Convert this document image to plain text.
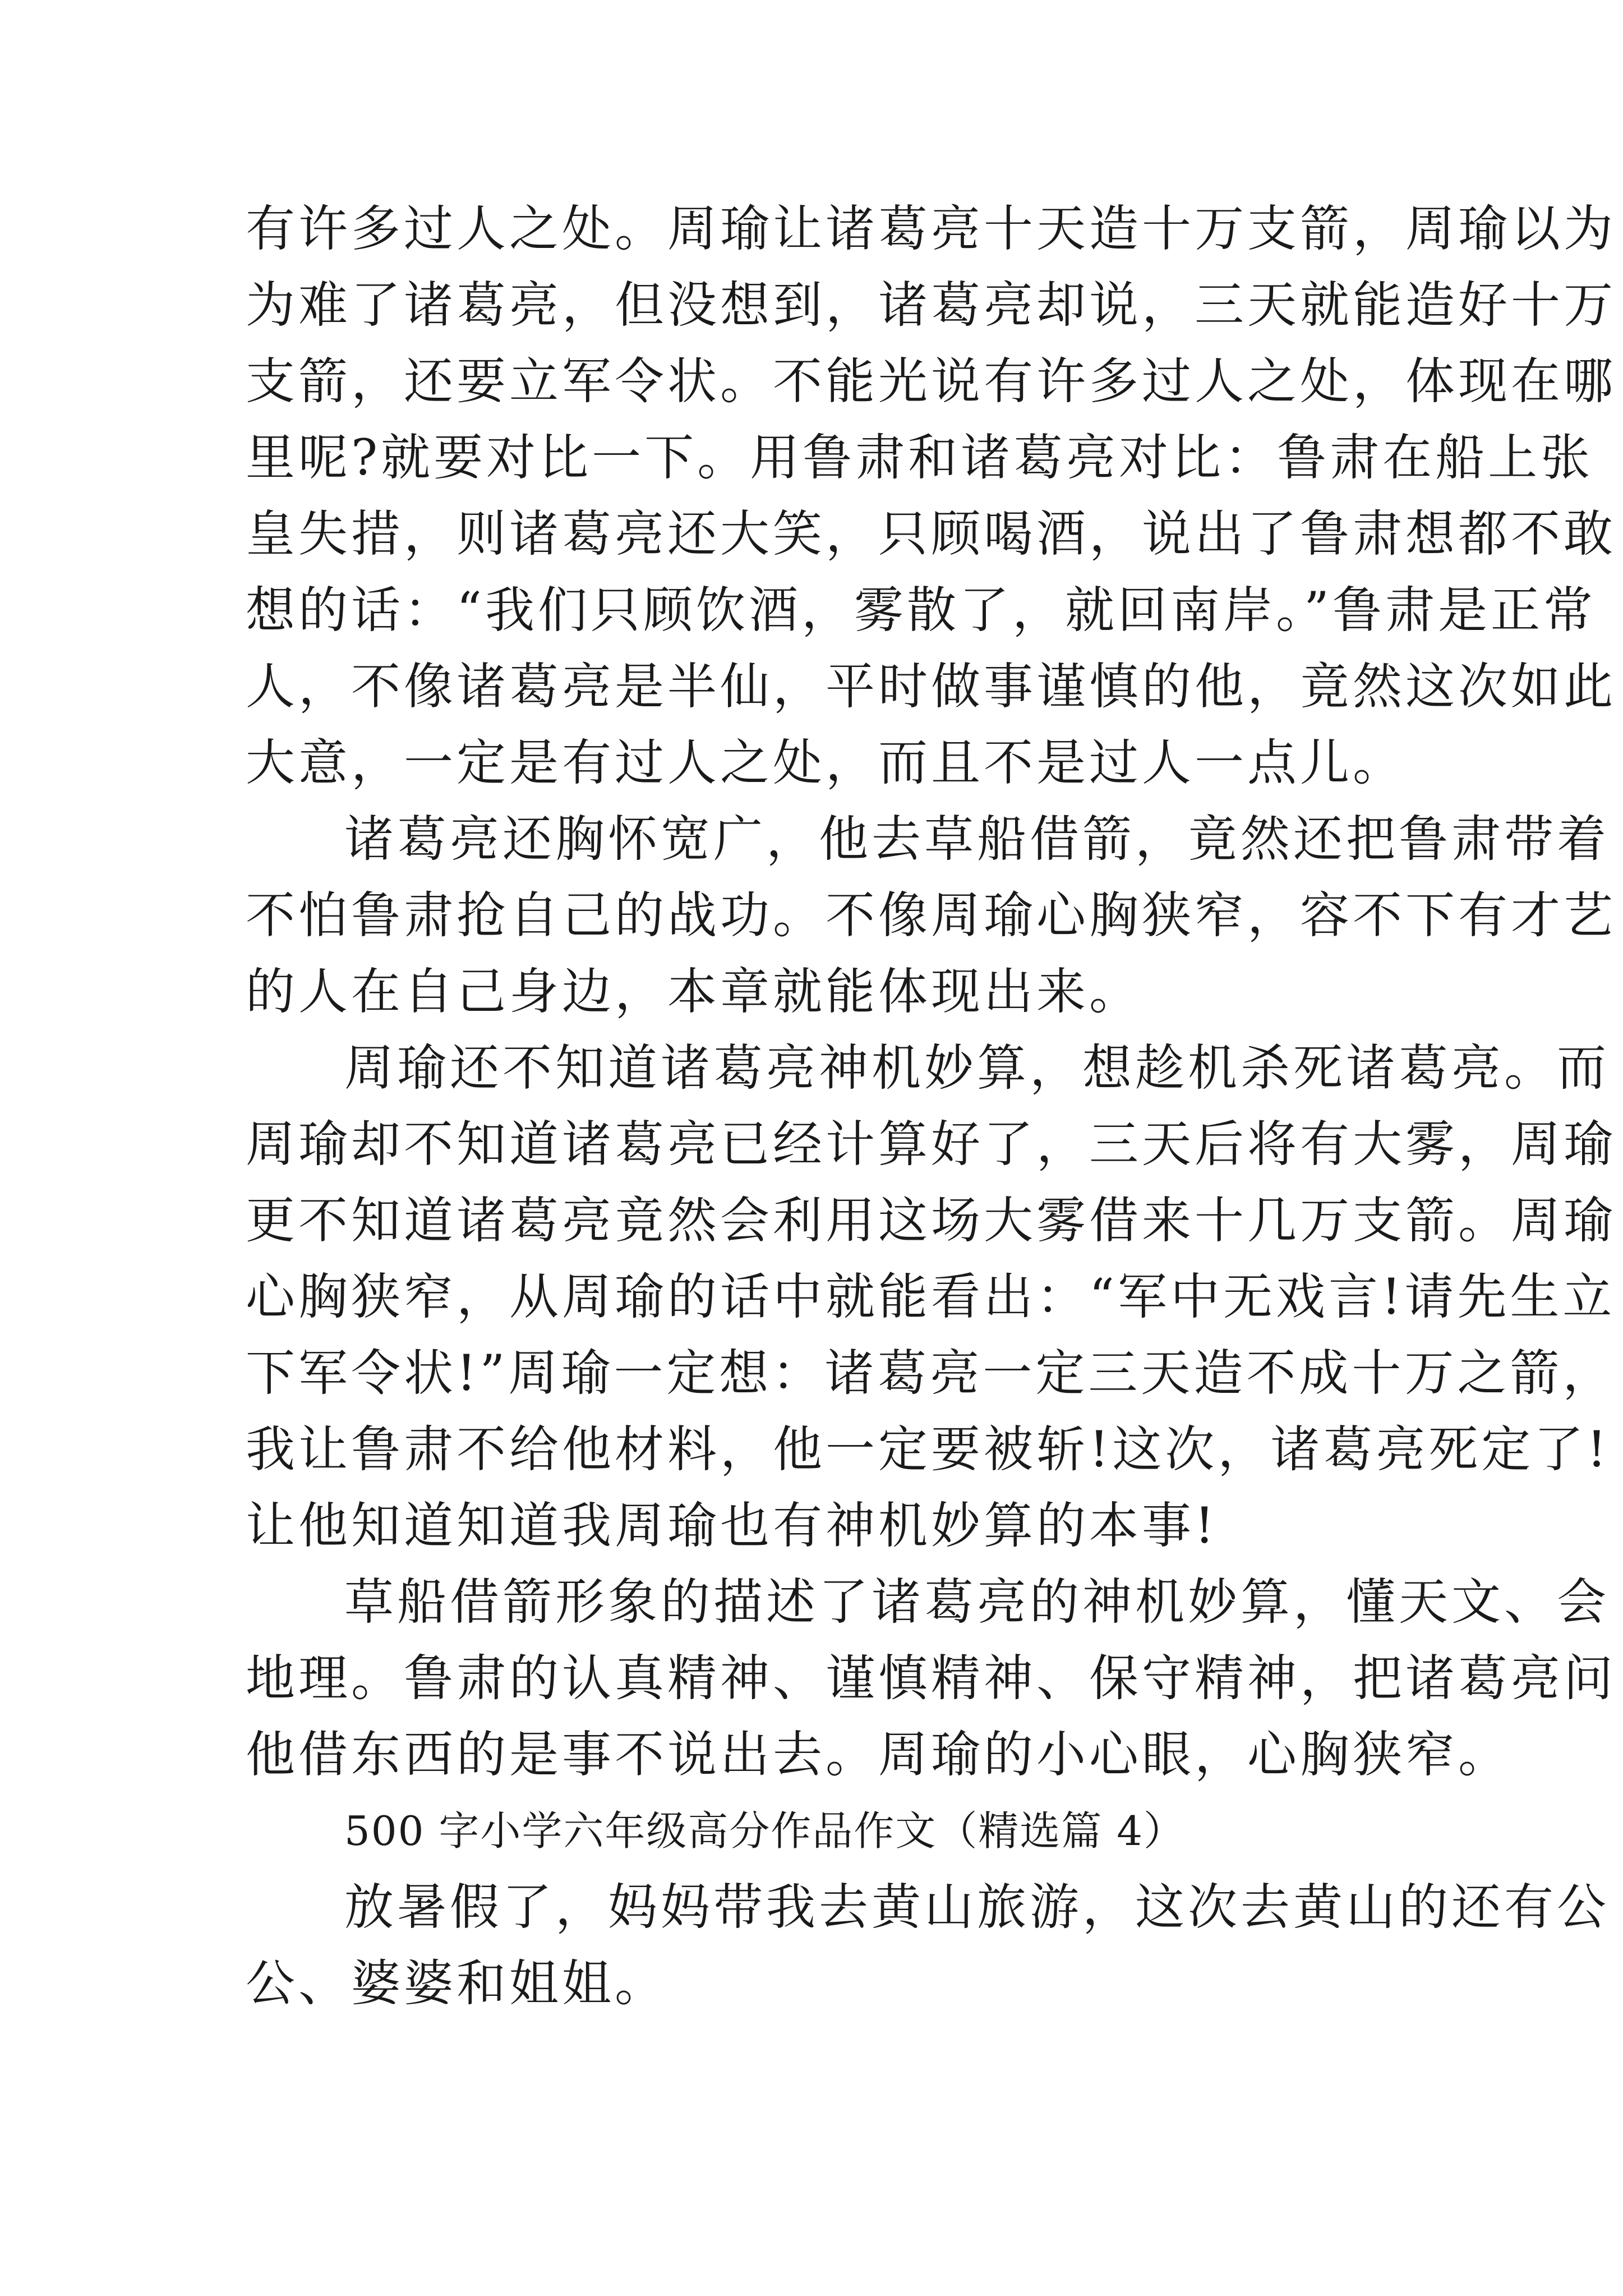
有许多过人之处。周瑜让诸葛亮十天造十万支箭，周瑜以为
为难了诸葛亮，但没想到，诸葛亮却说，三天就能造好十万
支箭，还要立军令状。不能光说有许多过人之处，体现在哪
里呢?就要对比一下。用鲁肃和诸葛亮对比：鲁肃在船上张
皇失措，则诸葛亮还大笑，只顾喝酒，说出了鲁肃想都不敢
想的话：“我们只顾饮酒，雾散了，就回南岸。”鲁肃是正常
人，不像诸葛亮是半仙，平时做事谨慎的他，竟然这次如此
大意，一定是有过人之处，而且不是过人一点儿。
诸葛亮还胸怀宽广，他去草船借箭，竟然还把鲁肃带着
不怕鲁肃抢自己的战功。不像周瑜心胸狭窄，容不下有才艺
的人在自己身边，本章就能体现出来。
周瑜还不知道诸葛亮神机妙算，想趁机杀死诸葛亮。而
周瑜却不知道诸葛亮已经计算好了，三天后将有大雾，周瑜
更不知道诸葛亮竟然会利用这场大雾借来十几万支箭。周瑜
心胸狭窄，从周瑜的话中就能看出：“军中无戏言!请先生立
下军令状!”周瑜一定想：诸葛亮一定三天造不成十万之箭，
我让鲁肃不给他材料，他一定要被斩!这次，诸葛亮死定了!
让他知道知道我周瑜也有神机妙算的本事!
草船借箭形象的描述了诸葛亮的神机妙算，懂天文、会
地理。鲁肃的认真精神、谨慎精神、保守精神，把诸葛亮问
他借东西的是事不说出去。周瑜的小心眼，心胸狭窄。
500 字小学六年级高分作品作文（精选篇 4）
放暑假了，妈妈带我去黄山旅游，这次去黄山的还有公
公、婆婆和姐姐。
